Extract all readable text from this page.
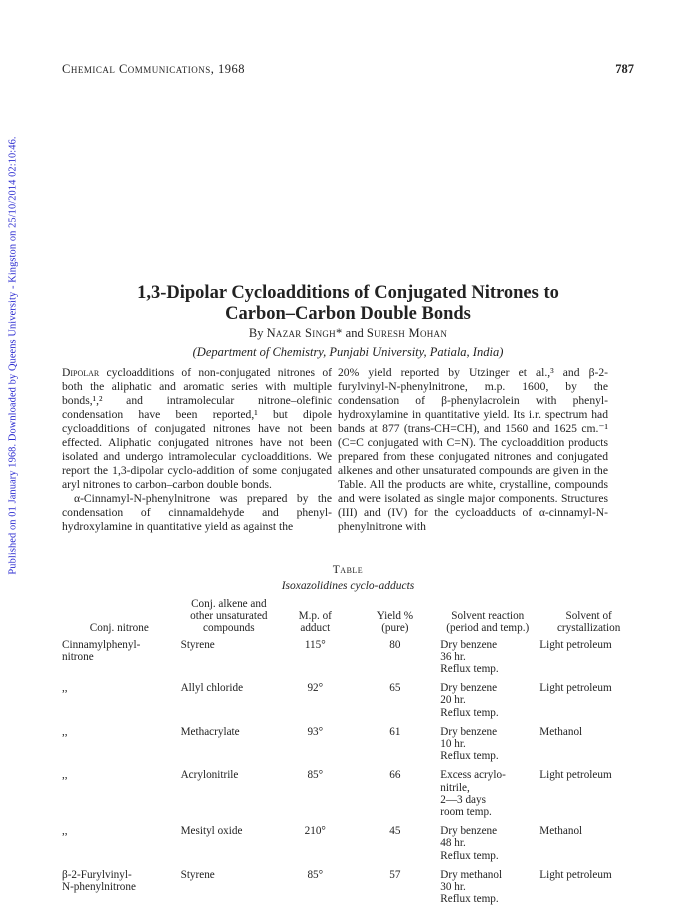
Published on 01 January 1968. Downloaded by Queens University - Kingston on 25/10/2014 02:10:46.
Chemical Communications, 1968	787
1,3-Dipolar Cycloadditions of Conjugated Nitrones to
Carbon–Carbon Double Bonds
By Nazar Singh* and Suresh Mohan
(Department of Chemistry, Punjabi University, Patiala, India)

Dipolar cycloadditions of non-conjugated nitrones of both the aliphatic and aromatic series with multiple bonds,¹,² and intramolecular nitrone–olefinic condensation have been reported,¹ but dipole cycloadditions of conjugated nitrones have not been effected. Aliphatic conjugated nitrones have not been isolated and undergo intramolecular cycloadditions. We report the 1,3-dipolar cyclo-addition of some conjugated aryl nitrones to carbon–carbon double bonds.

α-Cinnamyl-N-phenylnitrone was prepared by the condensation of cinnamaldehyde and phenyl-hydroxylamine in quantitative yield as against the

20% yield reported by Utzinger et al.,³ and β-2-furylvinyl-N-phenylnitrone, m.p. 1600, by the condensation of β-phenylacrolein with phenyl-hydroxylamine in quantitative yield. Its i.r. spectrum had bands at 877 (trans-CH=CH), and 1560 and 1625 cm.⁻¹ (C=C conjugated with C=N). The cycloaddition products prepared from these conjugated nitrones and conjugated alkenes and other unsaturated compounds are given in the Table. All the products are white, crystalline, compounds and were isolated as single major components. Structures (III) and (IV) for the cycloadducts of α-cinnamyl-N-phenylnitrone with

Table
Isoxazolidines cyclo-adducts
Conj. nitrone	Conj. alkene and
other unsaturated
compounds	M.p. of
adduct	Yield %
(pure)	Solvent reaction
(period and temp.)	Solvent of
crystallization
Cinnamylphenyl-
nitrone	Styrene	115°	80	Dry benzene
36 hr.
Reflux temp.	Light petroleum
,,	Allyl chloride	92°	65	Dry benzene
20 hr.
Reflux temp.	Light petroleum
,,	Methacrylate	93°	61	Dry benzene
10 hr.
Reflux temp.	Methanol
,,	Acrylonitrile	85°	66	Excess acrylo-
nitrile,
2—3 days
room temp.	Light petroleum
,,	Mesityl oxide	210°	45	Dry benzene
48 hr.
Reflux temp.	Methanol
β-2-Furylvinyl-
N-phenylnitrone	Styrene	85°	57	Dry methanol
30 hr.
Reflux temp.	Light petroleum
